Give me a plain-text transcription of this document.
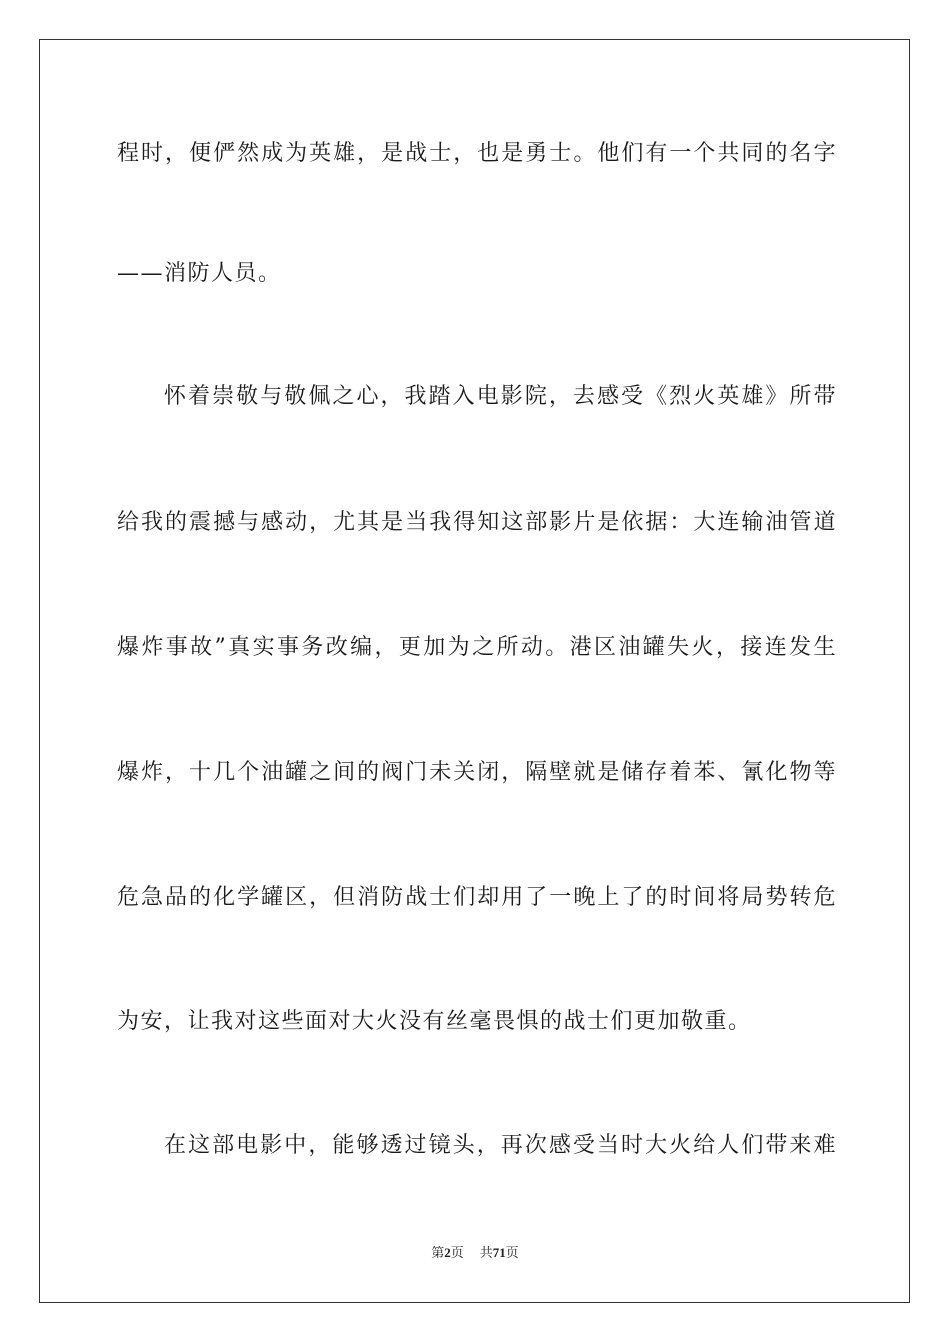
程时，便俨然成为英雄，是战士，也是勇士。他们有一个共同的名字
——消防人员。
怀着崇敬与敬佩之心，我踏入电影院，去感受《烈火英雄》所带
给我的震撼与感动，尤其是当我得知这部影片是依据：大连输油管道
爆炸事故”真实事务改编，更加为之所动。港区油罐失火，接连发生
爆炸，十几个油罐之间的阀门未关闭，隔壁就是储存着苯、氰化物等
危急品的化学罐区，但消防战士们却用了一晚上了的时间将局势转危
为安，让我对这些面对大火没有丝毫畏惧的战士们更加敬重。
在这部电影中，能够透过镜头，再次感受当时大火给人们带来难
第2页 共71页
